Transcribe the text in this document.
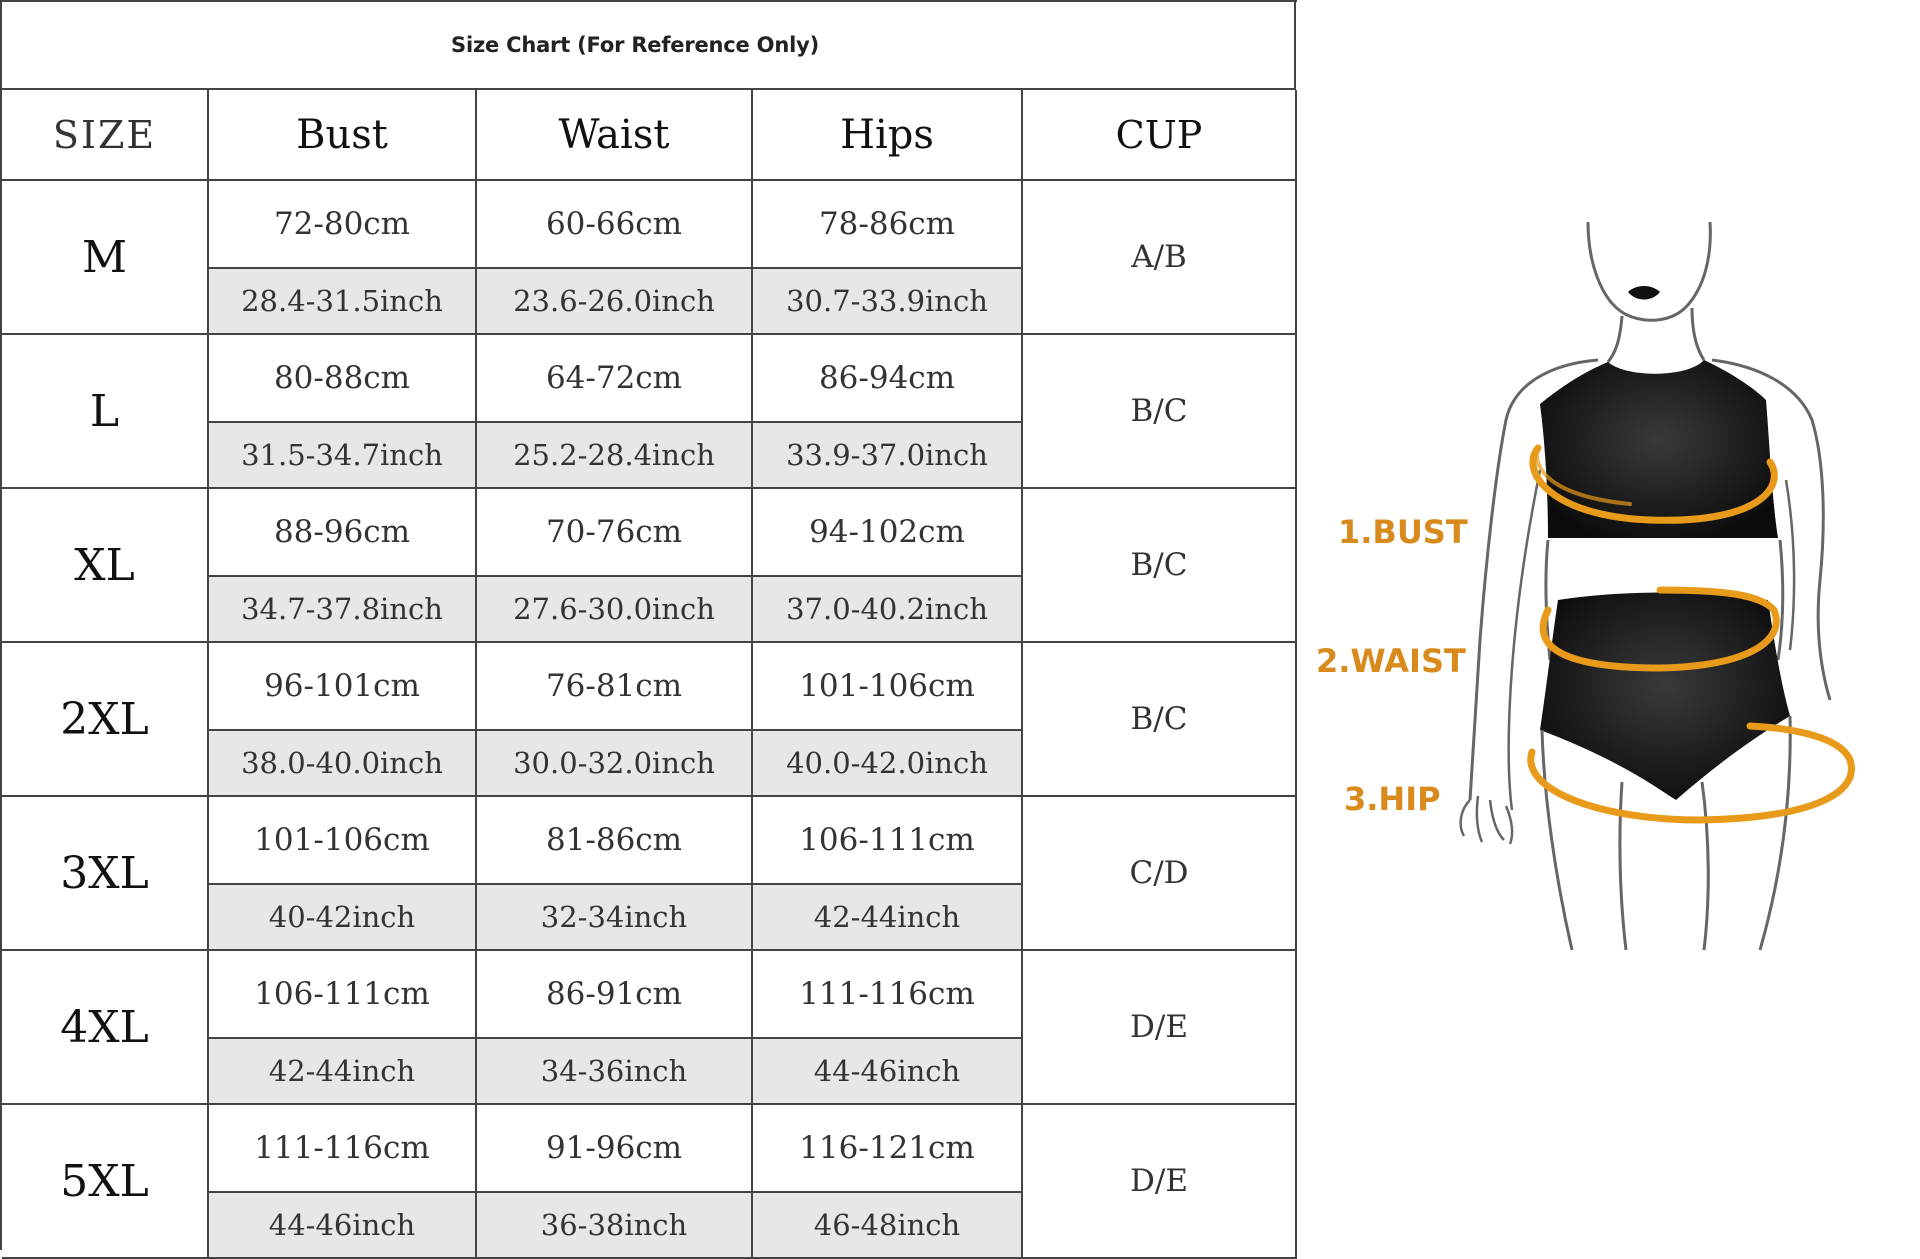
Size Chart (For Reference Only)
SIZE	Bust	Waist	Hips	CUP
M	72-80cm	60-66cm	78-86cm	A/B
	28.4-31.5inch	23.6-26.0inch	30.7-33.9inch	
L	80-88cm	64-72cm	86-94cm	B/C
	31.5-34.7inch	25.2-28.4inch	33.9-37.0inch	
XL	88-96cm	70-76cm	94-102cm	B/C
	34.7-37.8inch	27.6-30.0inch	37.0-40.2inch	
2XL	96-101cm	76-81cm	101-106cm	B/C
	38.0-40.0inch	30.0-32.0inch	40.0-42.0inch	
3XL	101-106cm	81-86cm	106-111cm	C/D
	40-42inch	32-34inch	42-44inch	
4XL	106-111cm	86-91cm	111-116cm	D/E
	42-44inch	34-36inch	44-46inch	
5XL	111-116cm	91-96cm	116-121cm	D/E
	44-46inch	36-38inch	46-48inch	
1.BUST
2.WAIST
3.HIP
